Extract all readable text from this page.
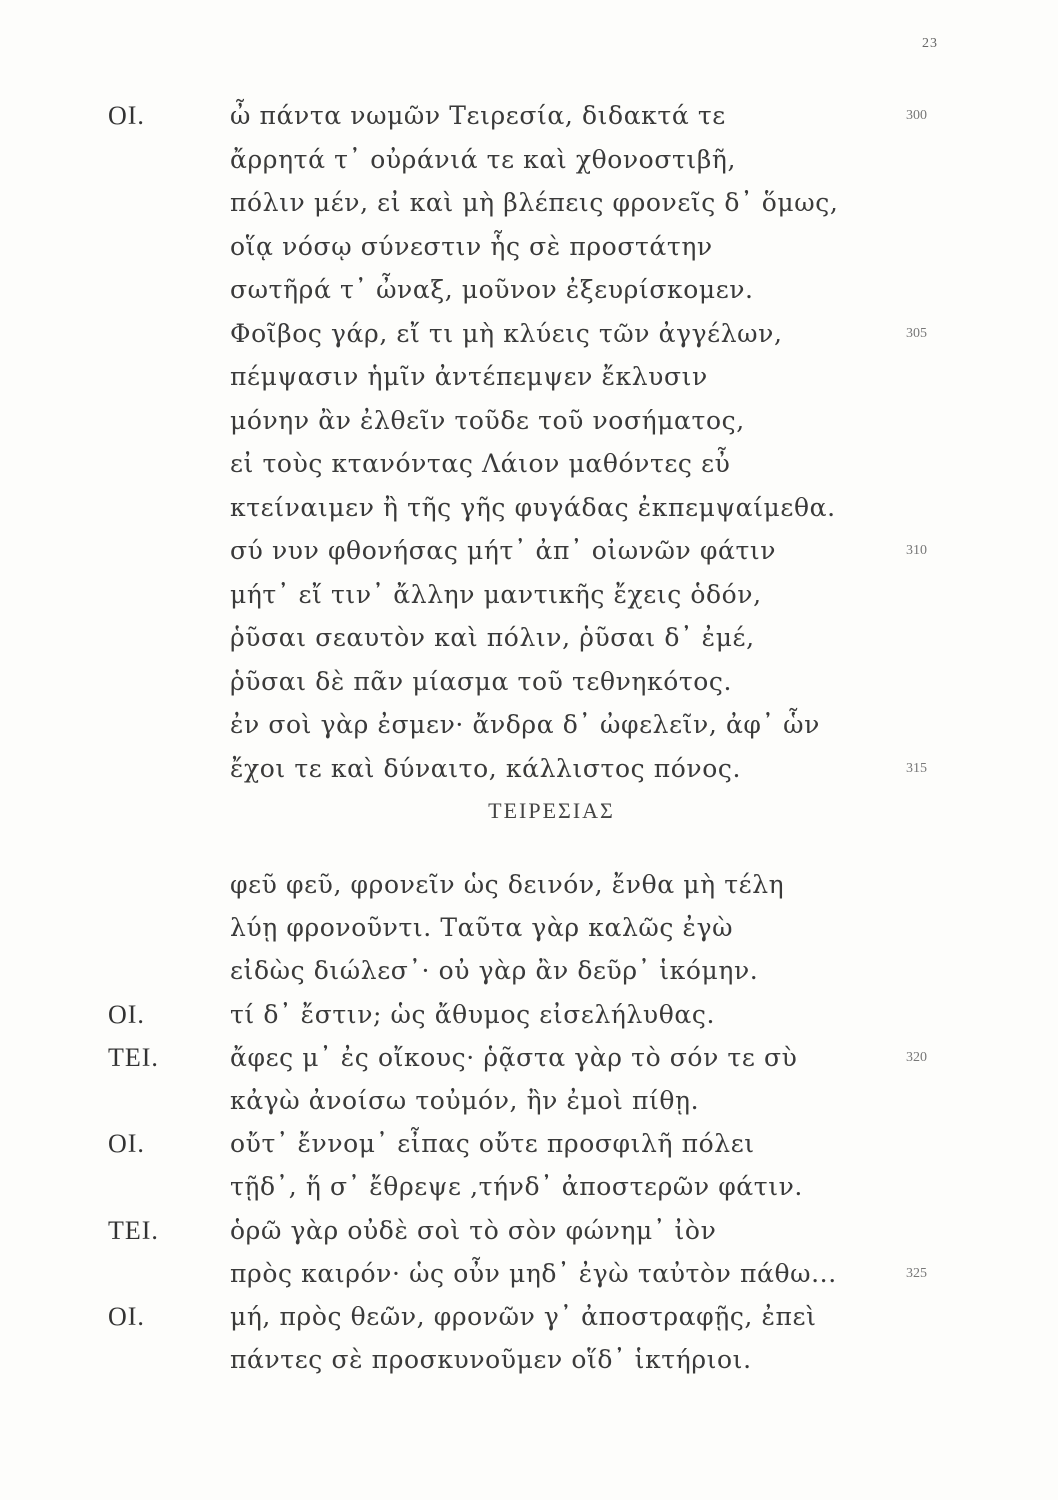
23
ΟΙ.	ὦ πάντα νωμῶν Τειρεσία, διδακτά τε	300
ἄρρητά τ᾽ οὐράνιά τε καὶ χθονοστιβῆ,
πόλιν μέν, εἰ καὶ μὴ βλέπεις φρονεῖς δ᾽ ὅμως,
οἵᾳ νόσῳ σύνεστιν ἧς σὲ προστάτην
σωτῆρά τ᾽ ὦναξ, μοῦνον ἐξευρίσκομεν.
Φοῖβος γάρ, εἴ τι μὴ κλύεις τῶν ἀγγέλων,	305
πέμψασιν ἡμῖν ἀντέπεμψεν ἔκλυσιν
μόνην ἂν ἐλθεῖν τοῦδε τοῦ νοσήματος,
εἰ τοὺς κτανόντας Λάιον μαθόντες εὖ
κτείναιμεν ἢ τῆς γῆς φυγάδας ἐκπεμψαίμεθα.
σύ νυν φθονήσας μήτ᾽ ἀπ᾽ οἰωνῶν φάτιν	310
μήτ᾽ εἴ τιν᾽ ἄλλην μαντικῆς ἔχεις ὁδόν,
ῥῦσαι σεαυτὸν καὶ πόλιν, ῥῦσαι δ᾽ ἐμέ,
ῥῦσαι δὲ πᾶν μίασμα τοῦ τεθνηκότος.
ἐν σοὶ γὰρ ἐσμεν· ἄνδρα δ᾽ ὠφελεῖν, ἀφ᾽ ὧν
ἔχοι τε καὶ δύναιτο, κάλλιστος πόνος.	315
ΤΕΙΡΕΣΙΑΣ
φεῦ φεῦ, φρονεῖν ὡς δεινόν, ἔνθα μὴ τέλη
λύῃ φρονοῦντι. Ταῦτα γὰρ καλῶς ἐγὼ
εἰδὼς διώλεσ᾽· οὐ γὰρ ἂν δεῦρ᾽ ἱκόμην.
ΟΙ.	τί δ᾽ ἔστιν; ὡς ἄθυμος εἰσελήλυθας.
ΤΕΙ.	ἄφες μ᾽ ἐς οἴκους· ῥᾷστα γὰρ τὸ σόν τε σὺ	320
κἀγὼ ἀνοίσω τοὐμόν, ἢν ἐμοὶ πίθῃ.
ΟΙ.	οὔτ᾽ ἔννομ᾽ εἶπας οὔτε προσφιλῆ πόλει
τῇδ᾽, ἥ σ᾽ ἔθρεψε ,τήνδ᾽ ἀποστερῶν φάτιν.
ΤΕΙ.	ὁρῶ γὰρ οὐδὲ σοὶ τὸ σὸν φώνημ᾽ ἰὸν
πρὸς καιρόν· ὡς οὖν μηδ᾽ ἐγὼ ταὐτὸν πάθω...	325
ΟΙ.	μή, πρὸς θεῶν, φρονῶν γ᾽ ἀποστραφῇς, ἐπεὶ
πάντες σὲ προσκυνοῦμεν οἵδ᾽ ἱκτήριοι.
